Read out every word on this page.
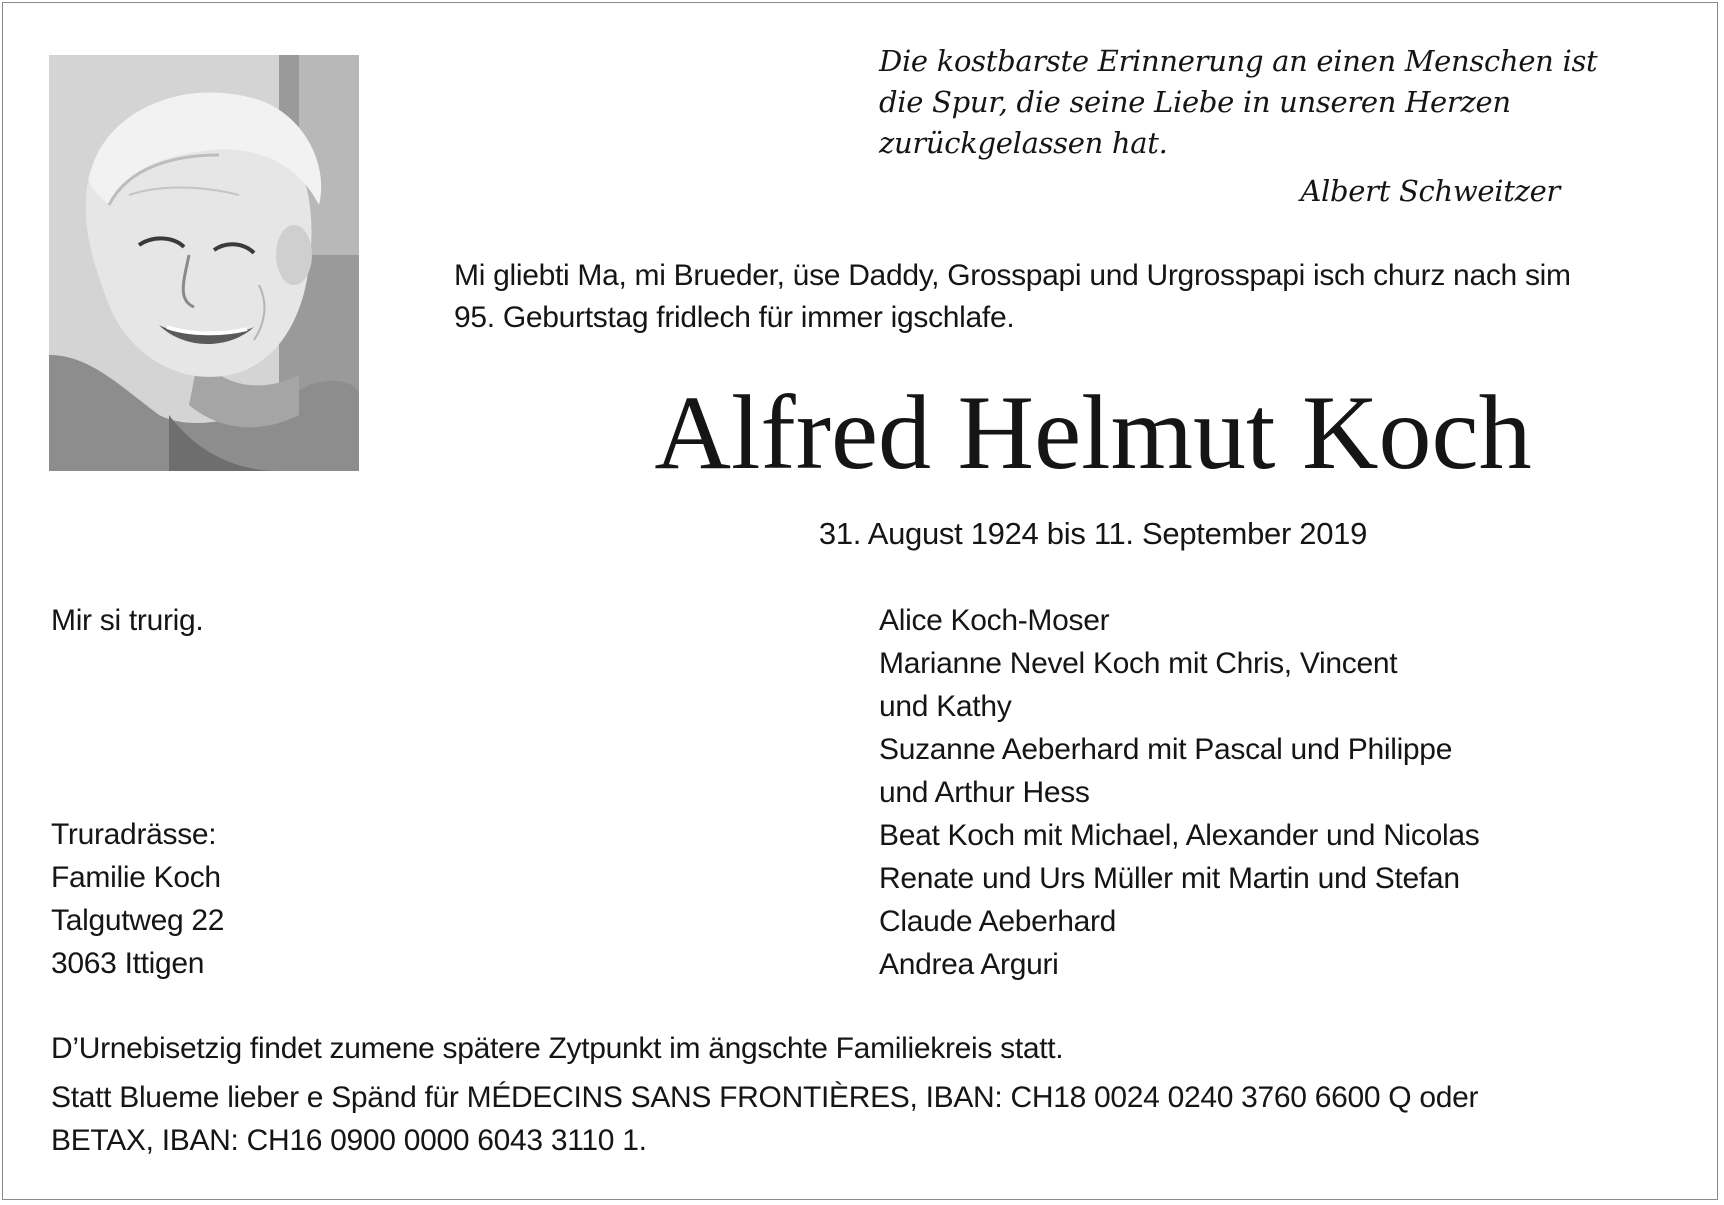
Die kostbarste Erinnerung an einen Menschen ist
die Spur, die seine Liebe in unseren Herzen
zurückgelassen hat.
Albert Schweitzer
Mi gliebti Ma, mi Brueder, üse Daddy, Grosspapi und Urgrosspapi isch churz nach sim
95. Geburtstag fridlech für immer igschlafe.
Alfred Helmut Koch
31. August 1924 bis 11. September 2019
Mir si trurig.
Truradrässe:
Familie Koch
Talgutweg 22
3063 Ittigen
Alice Koch-Moser
Marianne Nevel Koch mit Chris, Vincent
und Kathy
Suzanne Aeberhard mit Pascal und Philippe
und Arthur Hess
Beat Koch mit Michael, Alexander und Nicolas
Renate und Urs Müller mit Martin und Stefan
Claude Aeberhard
Andrea Arguri
D’Urnebisetzig findet zumene spätere Zytpunkt im ängschte Familiekreis statt.
Statt Blueme lieber e Spänd für MÉDECINS SANS FRONTIÈRES, IBAN: CH18 0024 0240 3760 6600 Q oder
BETAX, IBAN: CH16 0900 0000 6043 3110 1.
